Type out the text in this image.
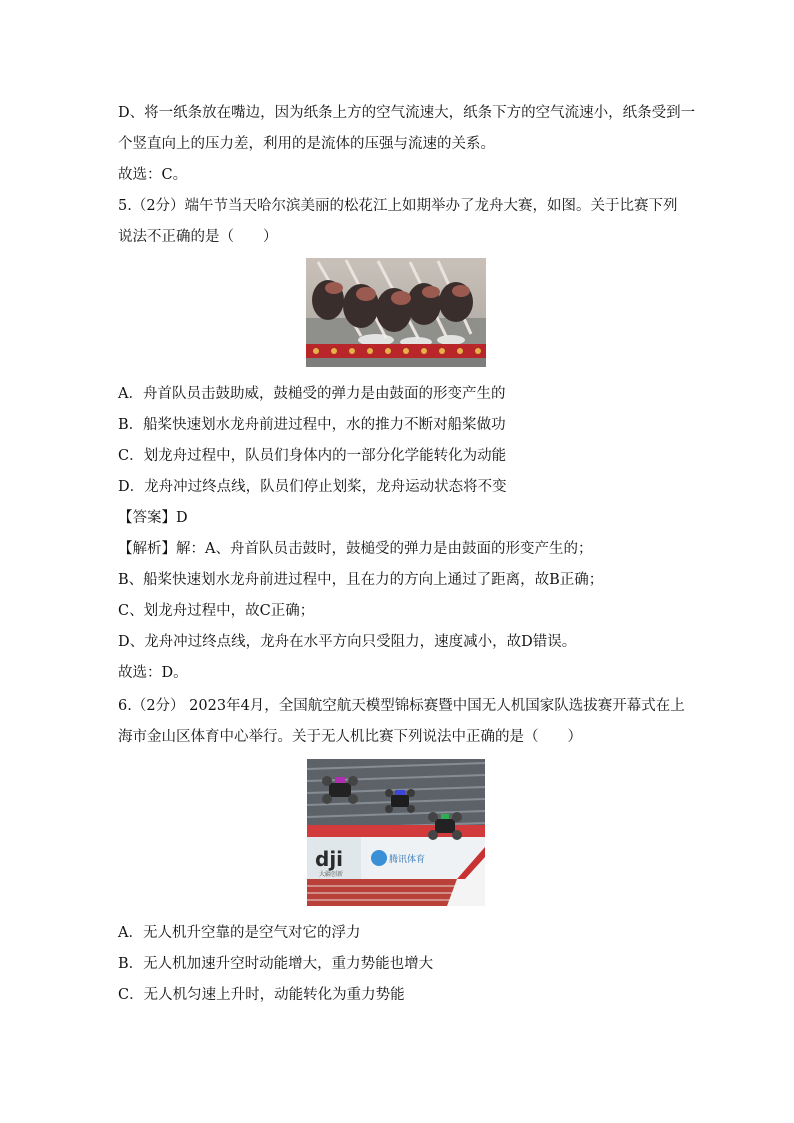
D、将一纸条放在嘴边，因为纸条上方的空气流速大，纸条下方的空气流速小，纸条受到一
个竖直向上的压力差，利用的是流体的压强与流速的关系。
故选：C。
5.（2分）端午节当天哈尔滨美丽的松花江上如期举办了龙舟大赛，如图。关于比赛下列
说法不正确的是（　　）
A．舟首队员击鼓助威，鼓槌受的弹力是由鼓面的形变产生的
B．船桨快速划水龙舟前进过程中，水的推力不断对船桨做功
C．划龙舟过程中，队员们身体内的一部分化学能转化为动能
D．龙舟冲过终点线，队员们停止划桨，龙舟运动状态将不变
【答案】D
【解析】解：A、舟首队员击鼓时，鼓槌受的弹力是由鼓面的形变产生的；
B、船桨快速划水龙舟前进过程中，且在力的方向上通过了距离，故B正确；
C、划龙舟过程中，故C正确；
D、龙舟冲过终点线，龙舟在水平方向只受阻力，速度减小，故D错误。
故选：D。
6.（2分） 2023年4月，全国航空航天模型锦标赛暨中国无人机国家队选拔赛开幕式在上
海市金山区体育中心举行。关于无人机比赛下列说法中正确的是（　　）
dji
大疆创新
腾讯体育
A．无人机升空靠的是空气对它的浮力
B．无人机加速升空时动能增大，重力势能也增大
C．无人机匀速上升时，动能转化为重力势能
